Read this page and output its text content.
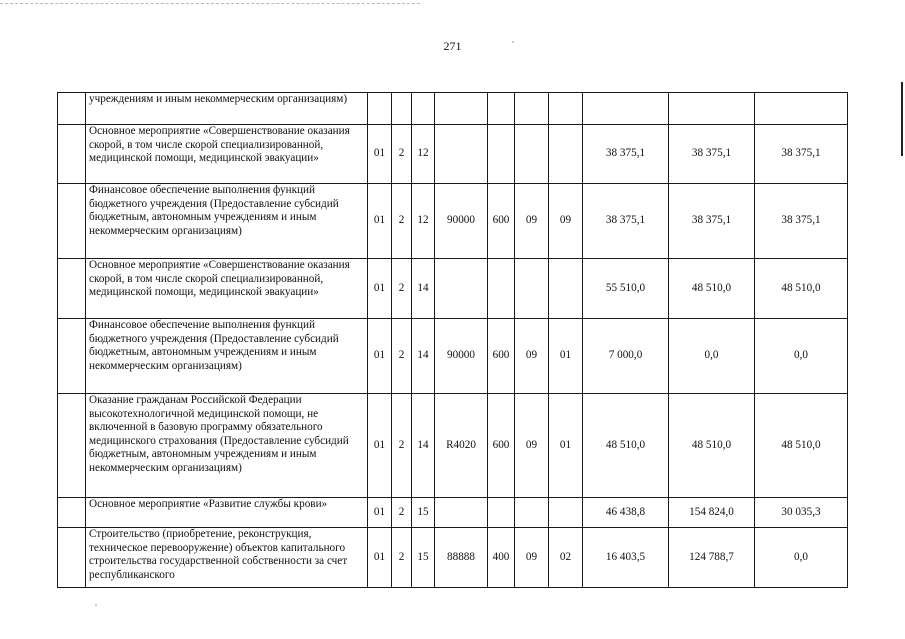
271
	учреждениям и иным некоммерческим организациям)										
	Основное мероприятие «Совершенствование оказания скорой, в том числе скорой специализированной, медицинской помощи, медицинской эвакуации»	01	2	12					38 375,1	38 375,1	38 375,1
	Финансовое обеспечение выполнения функций бюджетного учреждения (Предоставление субсидий бюджетным, автономным учреждениям и иным некоммерческим организациям)	01	2	12	90000	600	09	09	38 375,1	38 375,1	38 375,1
	Основное мероприятие «Совершенствование оказания скорой, в том числе скорой специализированной, медицинской помощи, медицинской эвакуации»	01	2	14					55 510,0	48 510,0	48 510,0
	Финансовое обеспечение выполнения функций бюджетного учреждения (Предоставление субсидий бюджетным, автономным учреждениям и иным некоммерческим организациям)	01	2	14	90000	600	09	01	7 000,0	0,0	0,0
	Оказание гражданам Российской Федерации высокотехнологичной медицинской помощи, не включенной в базовую программу обязательного медицинского страхования (Предоставление субсидий бюджетным, автономным учреждениям и иным некоммерческим организациям)	01	2	14	R4020	600	09	01	48 510,0	48 510,0	48 510,0
	Основное мероприятие «Развитие службы крови»	01	2	15					46 438,8	154 824,0	30 035,3
	Строительство (приобретение, реконструкция, техническое перевооружение) объектов капитального строительства государственной собственности за счет республиканского	01	2	15	88888	400	09	02	16 403,5	124 788,7	0,0
